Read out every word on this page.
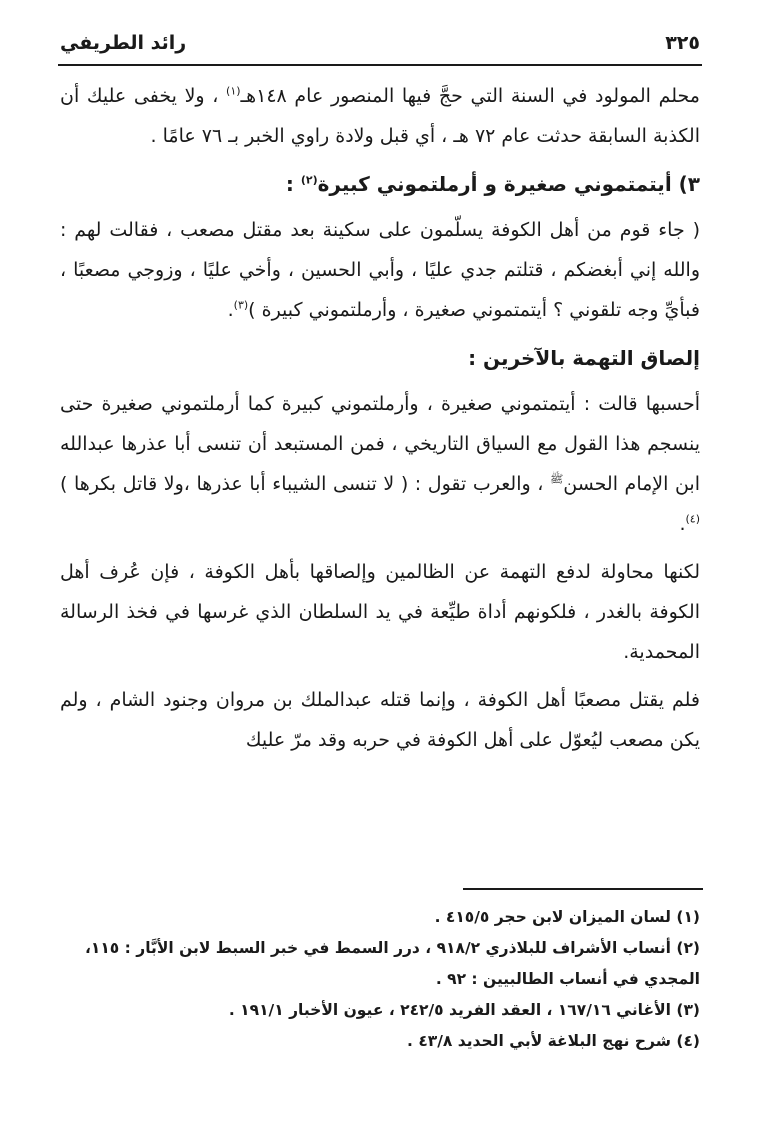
٣٢٥
رائد الطريفي

محلم المولود في السنة التي حجَّ فيها المنصور عام ١٤٨هـ$^{(١)}$ ، ولا يخفى عليك أن الكذبة السابقة حدثت عام ٧٢ هـ ، أي قبل ولادة راوي الخبر بـ ٧٦ عامًا .

٣) أيتمتموني صغيرة و أرملتموني كبيرة$^{(٢)}$ :

( جاء قوم من أهل الكوفة يسلّمون على سكينة بعد مقتل مصعب ، فقالت لهم : والله إني أبغضكم ، قتلتم جدي عليًا ، وأبي الحسين ، وأخي عليًا ، وزوجي مصعبًا ، فبأيِّ وجه تلقوني ؟ أيتمتموني صغيرة ، وأرملتموني كبيرة )$^{(٣)}$.

إلصاق التهمة بالآخرين :

أحسبها قالت : أيتمتموني صغيرة ، وأرملتموني كبيرة كما أرملتموني صغيرة حتى ينسجم هذا القول مع السياق التاريخي ، فمن المستبعد أن تنسى أبا عذرها عبدالله ابن الإمام الحسن$^ﷺ$ ، والعرب تقول : ( لا تنسى الشيباء أبا عذرها ،ولا قاتل بكرها )$^{(٤)}$.

لكنها محاولة لدفع التهمة عن الظالمين وإلصاقها بأهل الكوفة ، فإن عُرف أهل الكوفة بالغدر ، فلكونهم أداة طيِّعة في يد السلطان الذي غرسها في فخذ الرسالة المحمدية.

فلم يقتل مصعبًا أهل الكوفة ، وإنما قتله عبدالملك بن مروان وجنود الشام ، ولم يكن مصعب ليُعوّل على أهل الكوفة في حربه وقد مرّ عليك

(١) لسان الميزان لابن حجر ٤١٥/٥ .

(٢) أنساب الأشراف للبلاذري ٩١٨/٢ ، درر السمط في خبر السبط لابن الأبَّار : ١١٥، المجدي في أنساب الطالبيين : ٩٢ .

(٣) الأغاني ١٦٧/١٦ ، العقد الفريد ٢٤٢/٥ ، عيون الأخبار ١٩١/١ .

(٤) شرح نهج البلاغة لأبي الحديد ٤٣/٨ .
